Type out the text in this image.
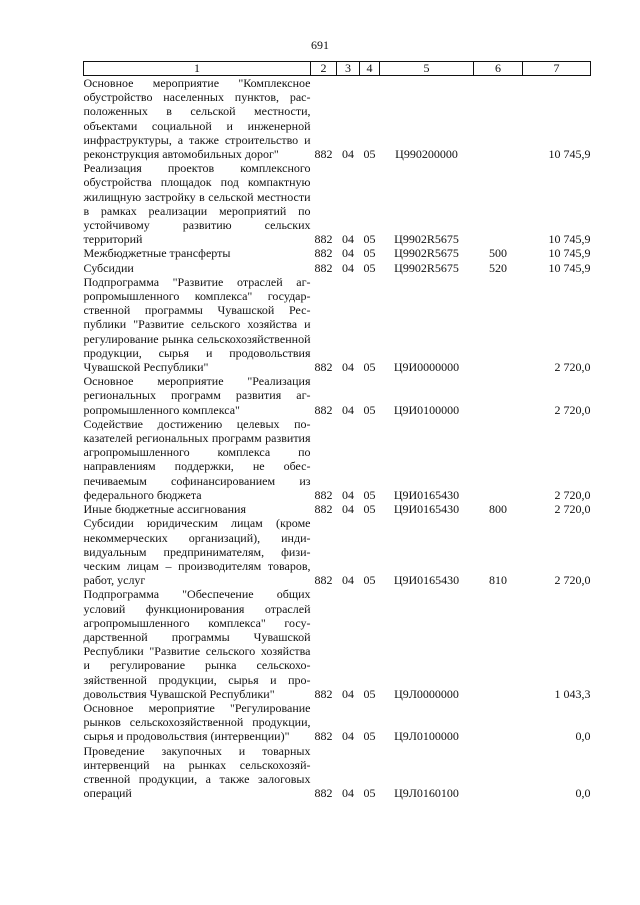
691
1	2	3	4	5	6	7
Основное мероприятие "Комплексное обустройство населенных пунктов, расположенных в сельской местности, объектами социальной и инженерной инфраструктуры, а также строительство и реконструкция автомобильных дорог"	882	04	05	Ц990200000		10 745,9
Реализация проектов комплексного обустройства площадок под компактную жилищную застройку в сельской местности в рамках реализации мероприятий по устойчивому развитию сельских территорий	882	04	05	Ц9902R5675		10 745,9
Межбюджетные трансферты	882	04	05	Ц9902R5675	500	10 745,9
Субсидии	882	04	05	Ц9902R5675	520	10 745,9
Подпрограмма "Развитие отраслей агропромышленного комплекса" государственной программы Чувашской Республики "Развитие сельского хозяйства и регулирование рынка сельскохозяйственной продукции, сырья и продовольствия Чувашской Республики"	882	04	05	Ц9И0000000		2 720,0
Основное мероприятие "Реализация региональных программ развития агропромышленного комплекса"	882	04	05	Ц9И0100000		2 720,0
Содействие достижению целевых показателей региональных программ развития агропромышленного комплекса по направлениям поддержки, не обеспечиваемым софинансированием из федерального бюджета	882	04	05	Ц9И0165430		2 720,0
Иные бюджетные ассигнования	882	04	05	Ц9И0165430	800	2 720,0
Субсидии юридическим лицам (кроме некоммерческих организаций), индивидуальным предпринимателям, физическим лицам – производителям товаров, работ, услуг	882	04	05	Ц9И0165430	810	2 720,0
Подпрограмма "Обеспечение общих условий функционирования отраслей агропромышленного комплекса" государственной программы Чувашской Республики "Развитие сельского хозяйства и регулирование рынка сельскохозяйственной продукции, сырья и продовольствия Чувашской Республики"	882	04	05	Ц9Л0000000		1 043,3
Основное мероприятие "Регулирование рынков сельскохозяйственной продукции, сырья и продовольствия (интервенции)"	882	04	05	Ц9Л0100000		0,0
Проведение закупочных и товарных интервенций на рынках сельскохозяйственной продукции, а также залоговых операций	882	04	05	Ц9Л0160100		0,0
